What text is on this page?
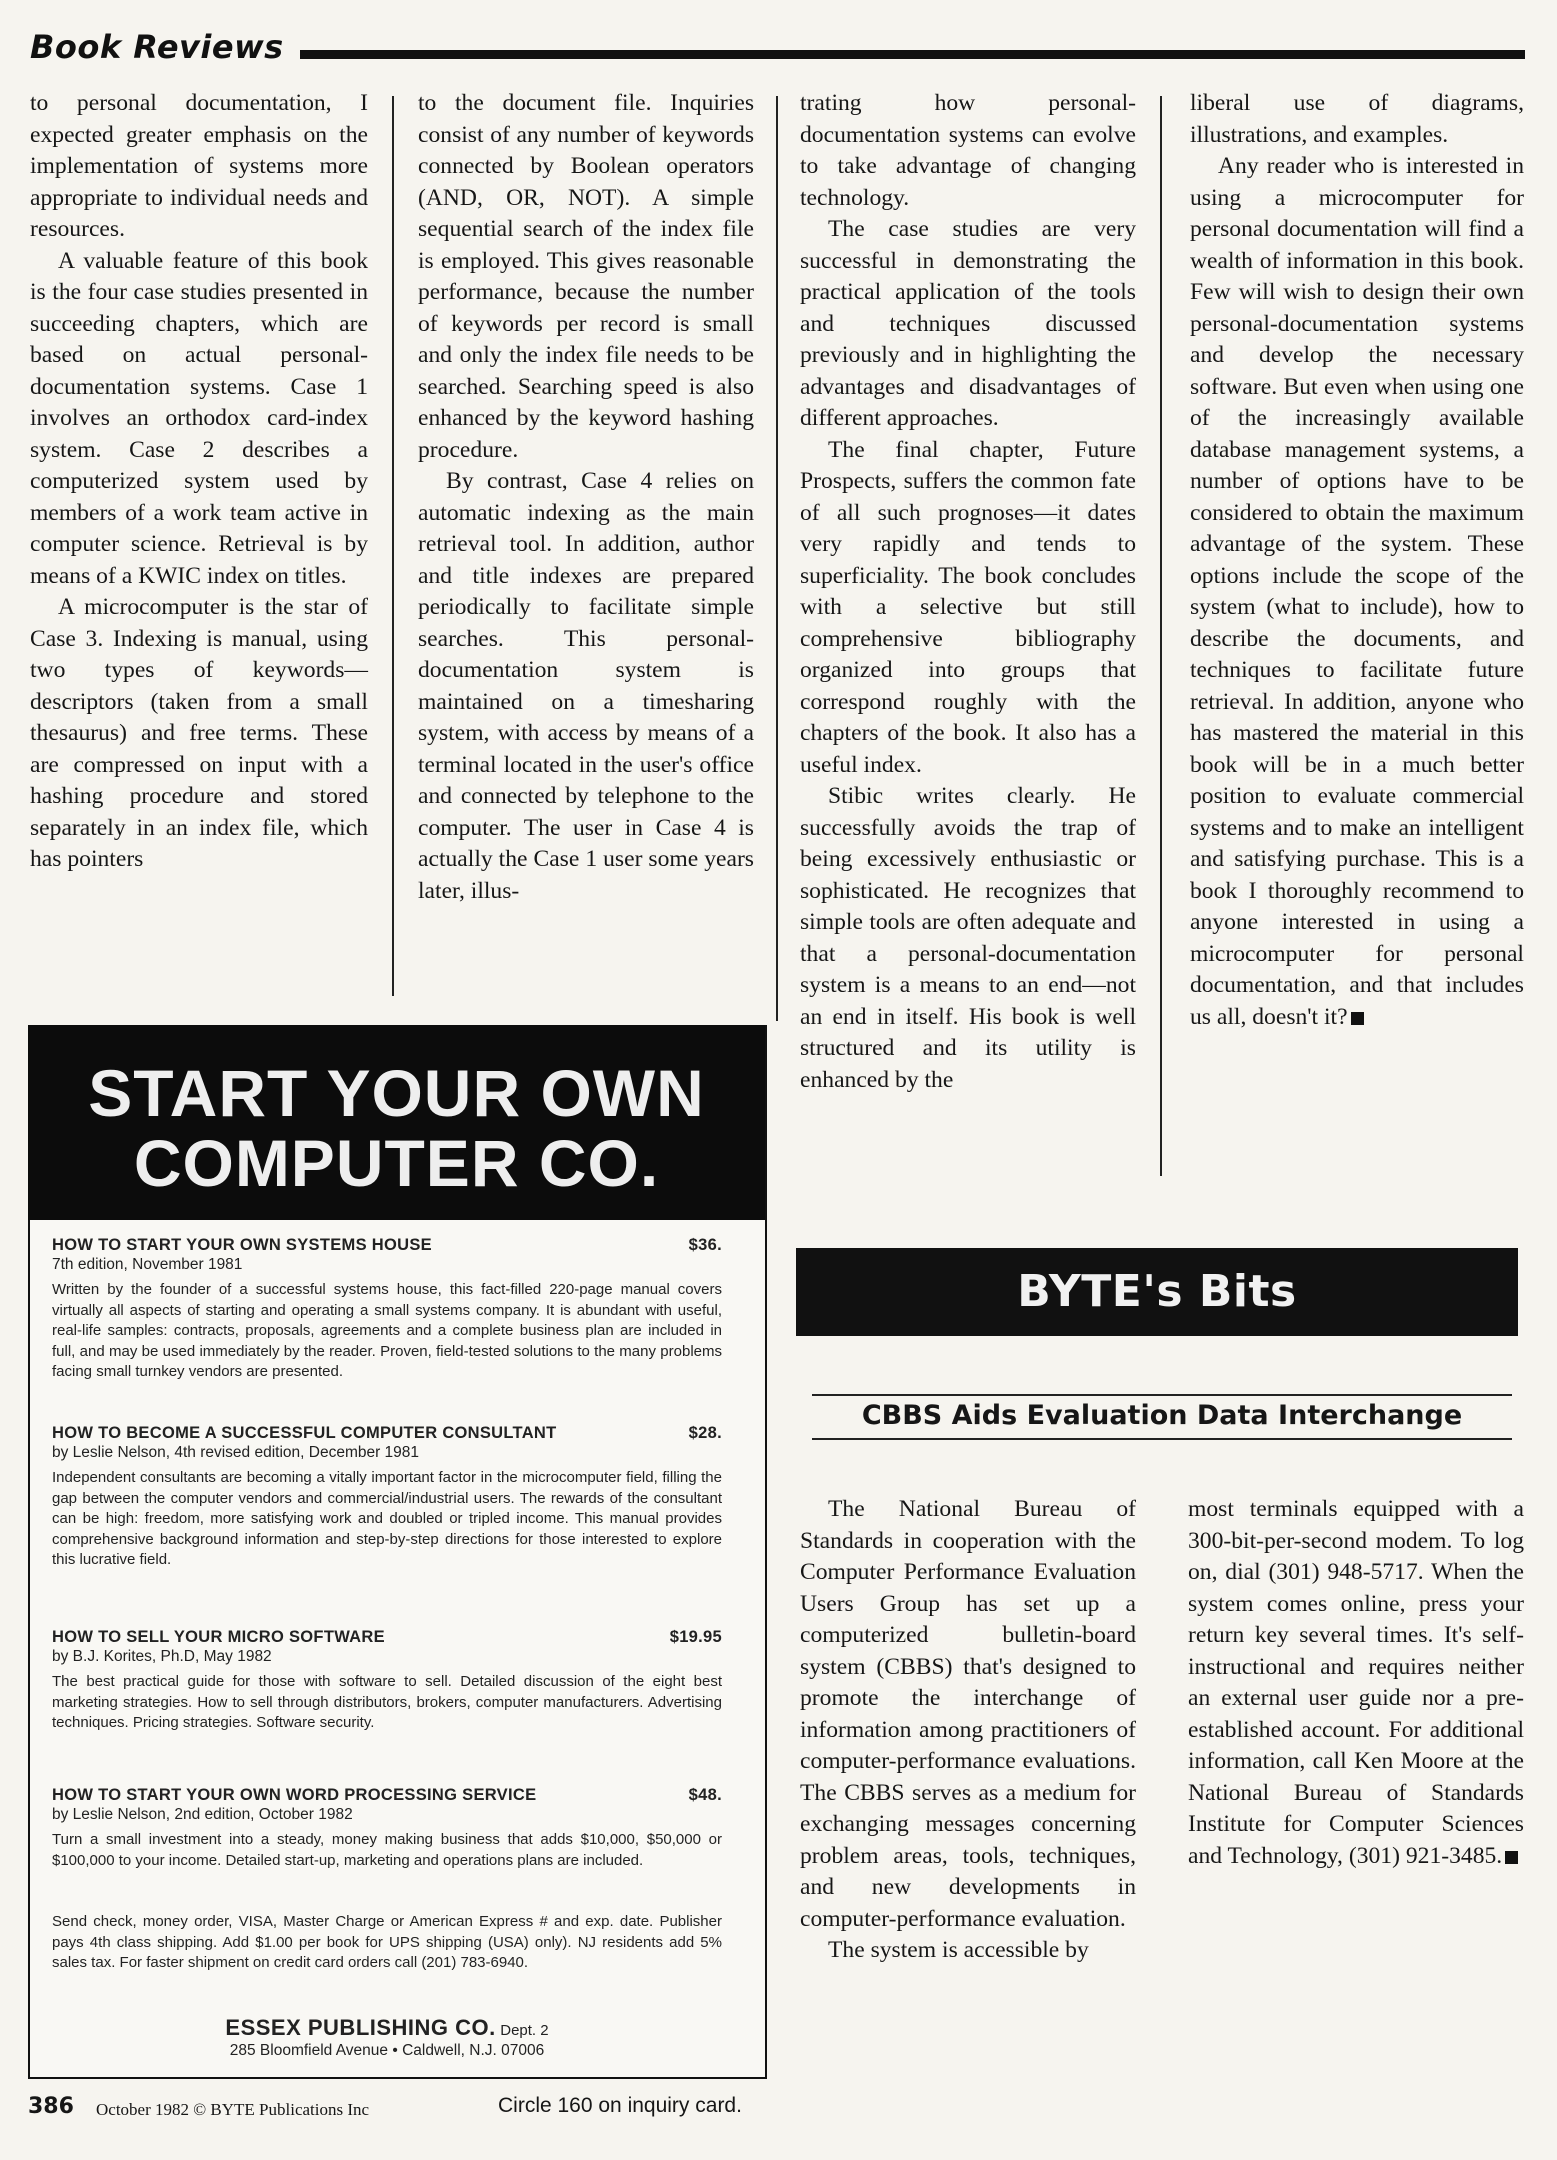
Book Reviews

to personal documentation, I expected greater emphasis on the implementation of systems more appropriate to individual needs and resources.

A valuable feature of this book is the four case studies presented in succeeding chapters, which are based on actual personal-documentation systems. Case 1 involves an orthodox card-index system. Case 2 describes a computerized system used by members of a work team active in computer science. Retrieval is by means of a KWIC index on titles.

A microcomputer is the star of Case 3. Indexing is manual, using two types of keywords—descriptors (taken from a small thesaurus) and free terms. These are compressed on input with a hashing procedure and stored separately in an index file, which has pointers

to the document file. Inquiries consist of any number of keywords connected by Boolean operators (AND, OR, NOT). A simple sequential search of the index file is employed. This gives reasonable performance, because the number of keywords per record is small and only the index file needs to be searched. Searching speed is also enhanced by the keyword hashing procedure.

By contrast, Case 4 relies on automatic indexing as the main retrieval tool. In addition, author and title indexes are prepared periodically to facilitate simple searches. This personal-documentation system is maintained on a timesharing system, with access by means of a terminal located in the user's office and connected by telephone to the computer. The user in Case 4 is actually the Case 1 user some years later, illus-

trating how personal-documentation systems can evolve to take advantage of changing technology.

The case studies are very successful in demonstrating the practical application of the tools and techniques discussed previously and in highlighting the advantages and disadvantages of different approaches.

The final chapter, Future Prospects, suffers the common fate of all such prognoses—it dates very rapidly and tends to superficiality. The book concludes with a selective but still comprehensive bibliography organized into groups that correspond roughly with the chapters of the book. It also has a useful index.

Stibic writes clearly. He successfully avoids the trap of being excessively enthusiastic or sophisticated. He recognizes that simple tools are often adequate and that a personal-documentation system is a means to an end—not an end in itself. His book is well structured and its utility is enhanced by the

liberal use of diagrams, illustrations, and examples.

Any reader who is interested in using a microcomputer for personal documentation will find a wealth of information in this book. Few will wish to design their own personal-documentation systems and develop the necessary software. But even when using one of the increasingly available database management systems, a number of options have to be considered to obtain the maximum advantage of the system. These options include the scope of the system (what to include), how to describe the documents, and techniques to facilitate future retrieval. In addition, anyone who has mastered the material in this book will be in a much better position to evaluate commercial systems and to make an intelligent and satisfying purchase. This is a book I thoroughly recommend to anyone interested in using a microcomputer for personal documentation, and that includes us all, doesn't it?

START YOUR OWN
COMPUTER CO.
HOW TO START YOUR OWN SYSTEMS HOUSE	$36.
7th edition, November 1981
Written by the founder of a successful systems house, this fact-filled 220-page manual covers virtually all aspects of starting and operating a small systems company. It is abundant with useful, real-life samples: contracts, proposals, agreements and a complete business plan are included in full, and may be used immediately by the reader. Proven, field-tested solutions to the many problems facing small turnkey vendors are presented.
HOW TO BECOME A SUCCESSFUL COMPUTER CONSULTANT	$28.
by Leslie Nelson, 4th revised edition, December 1981
Independent consultants are becoming a vitally important factor in the microcomputer field, filling the gap between the computer vendors and commercial/industrial users. The rewards of the consultant can be high: freedom, more satisfying work and doubled or tripled income. This manual provides comprehensive background information and step-by-step directions for those interested to explore this lucrative field.
HOW TO SELL YOUR MICRO SOFTWARE	$19.95
by B.J. Korites, Ph.D, May 1982
The best practical guide for those with software to sell. Detailed discussion of the eight best marketing strategies. How to sell through distributors, brokers, computer manufacturers. Advertising techniques. Pricing strategies. Software security.
HOW TO START YOUR OWN WORD PROCESSING SERVICE	$48.
by Leslie Nelson, 2nd edition, October 1982
Turn a small investment into a steady, money making business that adds $10,000, $50,000 or $100,000 to your income. Detailed start-up, marketing and operations plans are included.
Send check, money order, VISA, Master Charge or American Express # and exp. date. Publisher pays 4th class shipping. Add $1.00 per book for UPS shipping (USA) only). NJ residents add 5% sales tax. For faster shipment on credit card orders call (201) 783-6940.
ESSEX PUBLISHING CO. Dept. 2
285 Bloomfield Avenue • Caldwell, N.J. 07006
BYTE's Bits
CBBS Aids Evaluation Data Interchange

The National Bureau of Standards in cooperation with the Computer Performance Evaluation Users Group has set up a computerized bulletin-board system (CBBS) that's designed to promote the interchange of information among practitioners of computer-performance evaluations. The CBBS serves as a medium for exchanging messages concerning problem areas, tools, techniques, and new developments in computer-performance evaluation.

The system is accessible by

most terminals equipped with a 300-bit-per-second modem. To log on, dial (301) 948-5717. When the system comes online, press your return key several times. It's self-instructional and requires neither an external user guide nor a pre-established account. For additional information, call Ken Moore at the National Bureau of Standards Institute for Computer Sciences and Technology, (301) 921-3485.

386 October 1982 © BYTE Publications Inc	Circle 160 on inquiry card.
